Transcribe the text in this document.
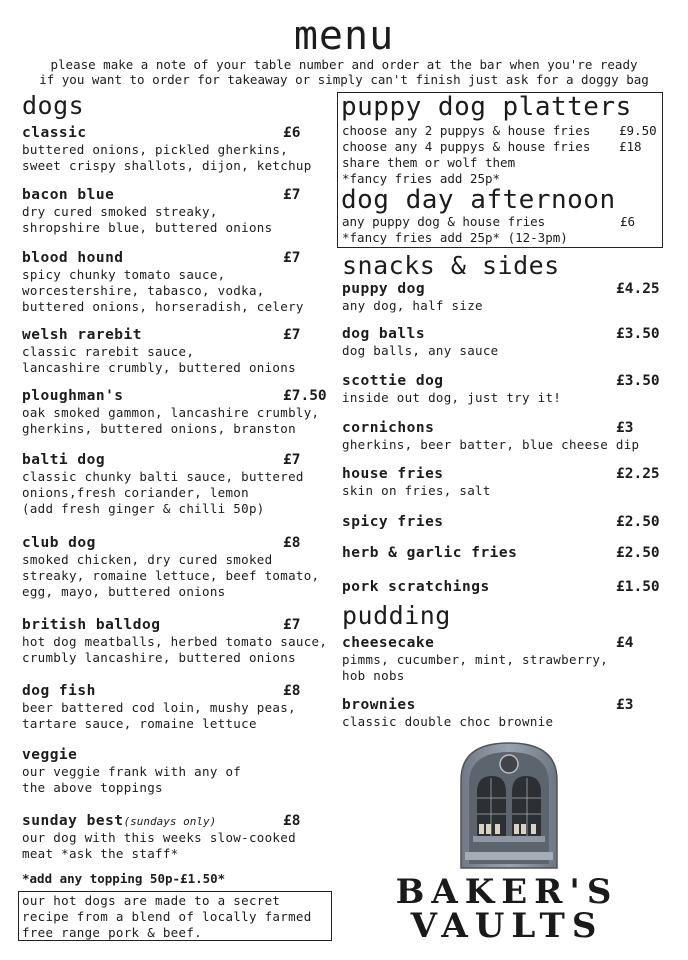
menu
please make a note of your table number and order at the bar when you're ready
if you want to order for takeaway or simply can't finish just ask for a doggy bag
dogs
classic	£6
buttered onions, pickled gherkins,
sweet crispy shallots, dijon, ketchup
bacon blue	£7
dry cured smoked streaky,
shropshire blue, buttered onions
blood hound	£7
spicy chunky tomato sauce,
worcestershire, tabasco, vodka,
buttered onions, horseradish, celery
welsh rarebit	£7
classic rarebit sauce,
lancashire crumbly, buttered onions
ploughman's	£7.50
oak smoked gammon, lancashire crumbly,
gherkins, buttered onions, branston
balti dog	£7
classic chunky balti sauce, buttered
onions,fresh coriander, lemon
(add fresh ginger & chilli 50p)
club dog	£8
smoked chicken, dry cured smoked
streaky, romaine lettuce, beef tomato,
egg, mayo, buttered onions
british balldog	£7
hot dog meatballs, herbed tomato sauce,
crumbly lancashire, buttered onions
dog fish	£8
beer battered cod loin, mushy peas,
tartare sauce, romaine lettuce
veggie
our veggie frank with any of
the above toppings
sunday best(sundays only)	£8
our dog with this weeks slow-cooked
meat *ask the staff*
*add any topping 50p-£1.50*
our hot dogs are made to a secret
recipe from a blend of locally farmed
free range pork & beef.
puppy dog platters
choose any 2 puppys & house fries £9.50
choose any 4 puppys & house fries £18
share them or wolf them
*fancy fries add 25p*
dog day afternoon
any puppy dog & house fries	£6
*fancy fries add 25p* (12-3pm)
snacks & sides
puppy dog	£4.25
any dog, half size
dog balls	£3.50
dog balls, any sauce
scottie dog	£3.50
inside out dog, just try it!
cornichons	£3
gherkins, beer batter, blue cheese dip
house fries	£2.25
skin on fries, salt
spicy fries	£2.50
herb & garlic fries	£2.50
pork scratchings	£1.50
pudding
cheesecake	£4
pimms, cucumber, mint, strawberry,
hob nobs
brownies	£3
classic double choc brownie
BAKER'S
VAULTS
